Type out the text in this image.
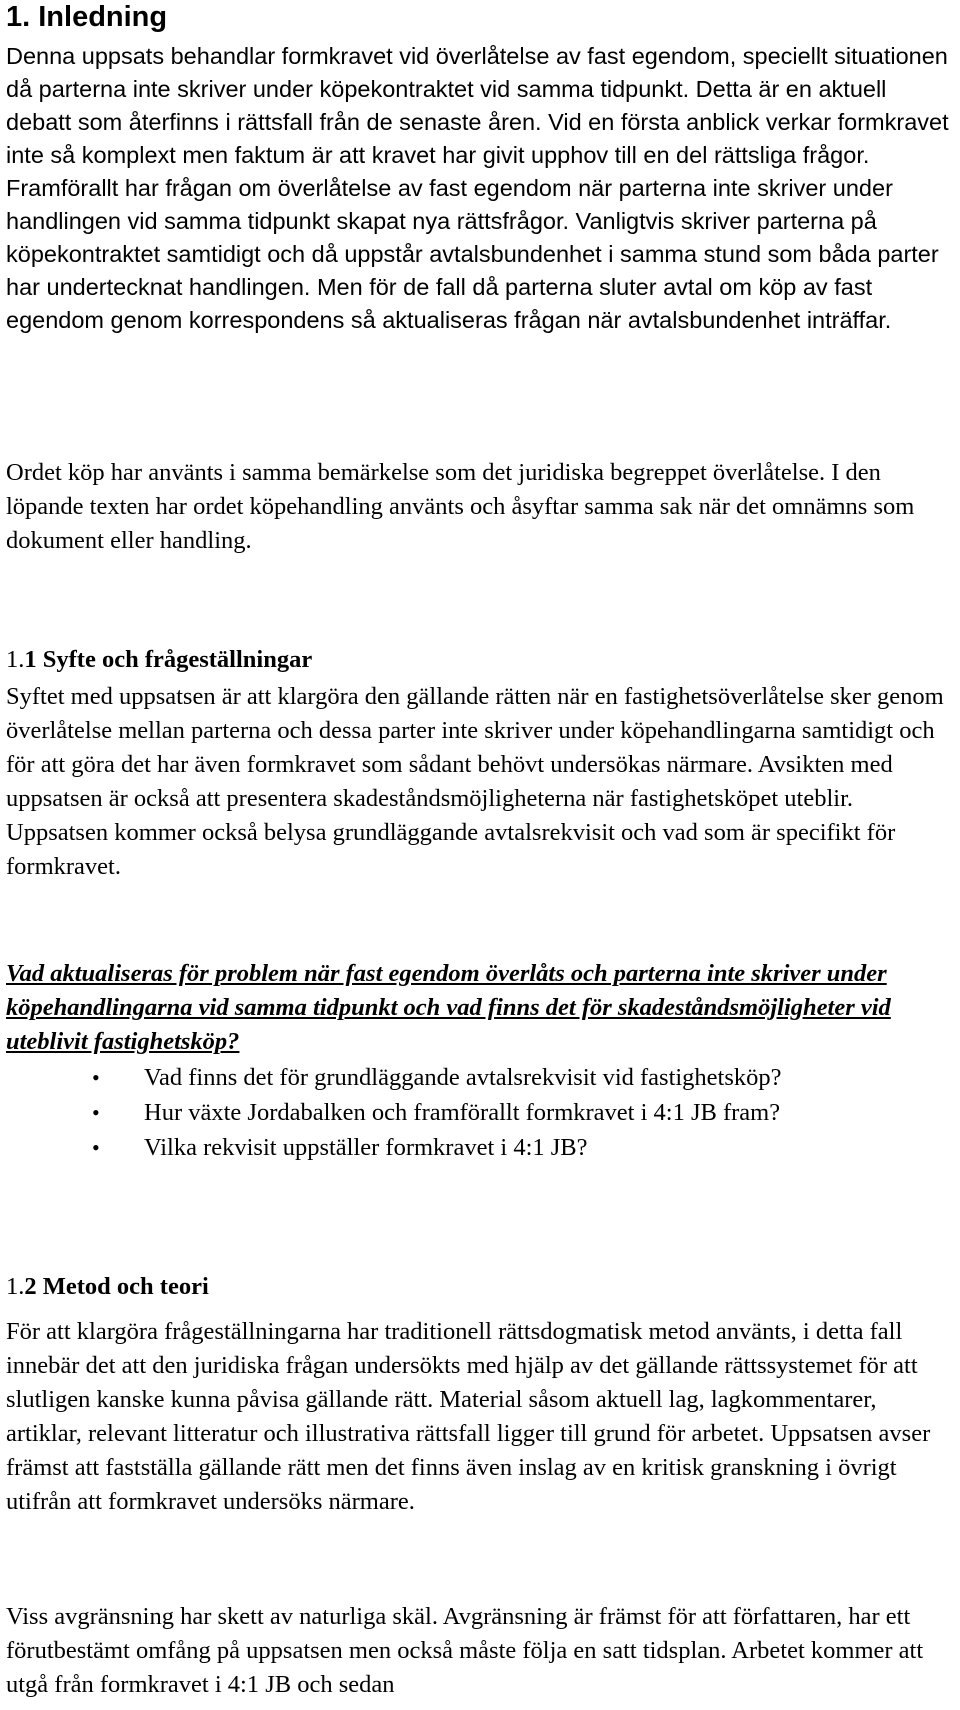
1. Inledning

Denna uppsats behandlar formkravet vid överlåtelse av fast egendom, speciellt situationen då parterna inte skriver under köpekontraktet vid samma tidpunkt. Detta är en aktuell debatt som återfinns i rättsfall från de senaste åren. Vid en första anblick verkar formkravet inte så komplext men faktum är att kravet har givit upphov till en del rättsliga frågor. Framförallt har frågan om överlåtelse av fast egendom när parterna inte skriver under handlingen vid samma tidpunkt skapat nya rättsfrågor. Vanligtvis skriver parterna på köpekontraktet samtidigt och då uppstår avtalsbundenhet i samma stund som båda parter har undertecknat handlingen. Men för de fall då parterna sluter avtal om köp av fast egendom genom korrespondens så aktualiseras frågan när avtalsbundenhet inträffar.

Ordet köp har använts i samma bemärkelse som det juridiska begreppet överlåtelse. I den löpande texten har ordet köpehandling använts och åsyftar samma sak när det omnämns som dokument eller handling.

1.1 Syfte och frågeställningar

Syftet med uppsatsen är att klargöra den gällande rätten när en fastighetsöverlåtelse sker genom överlåtelse mellan parterna och dessa parter inte skriver under köpehandlingarna samtidigt och för att göra det har även formkravet som sådant behövt undersökas närmare. Avsikten med uppsatsen är också att presentera skadeståndsmöjligheterna när fastighetsköpet uteblir. Uppsatsen kommer också belysa grundläggande avtalsrekvisit och vad som är specifikt för formkravet.

Vad aktualiseras för problem när fast egendom överlåts och parterna inte skriver under köpehandlingarna vid samma tidpunkt och vad finns det för skadeståndsmöjligheter vid uteblivit fastighetsköp?

• Vad finns det för grundläggande avtalsrekvisit vid fastighetsköp?
• Hur växte Jordabalken och framförallt formkravet i 4:1 JB fram?
• Vilka rekvisit uppställer formkravet i 4:1 JB?
1.2 Metod och teori

För att klargöra frågeställningarna har traditionell rättsdogmatisk metod använts, i detta fall innebär det att den juridiska frågan undersökts med hjälp av det gällande rättssystemet för att slutligen kanske kunna påvisa gällande rätt. Material såsom aktuell lag, lagkommentarer, artiklar, relevant litteratur och illustrativa rättsfall ligger till grund för arbetet. Uppsatsen avser främst att fastställa gällande rätt men det finns även inslag av en kritisk granskning i övrigt utifrån att formkravet undersöks närmare.

Viss avgränsning har skett av naturliga skäl. Avgränsning är främst för att författaren, har ett förutbestämt omfång på uppsatsen men också måste följa en satt tidsplan. Arbetet kommer att utgå från formkravet i 4:1 JB och sedan
